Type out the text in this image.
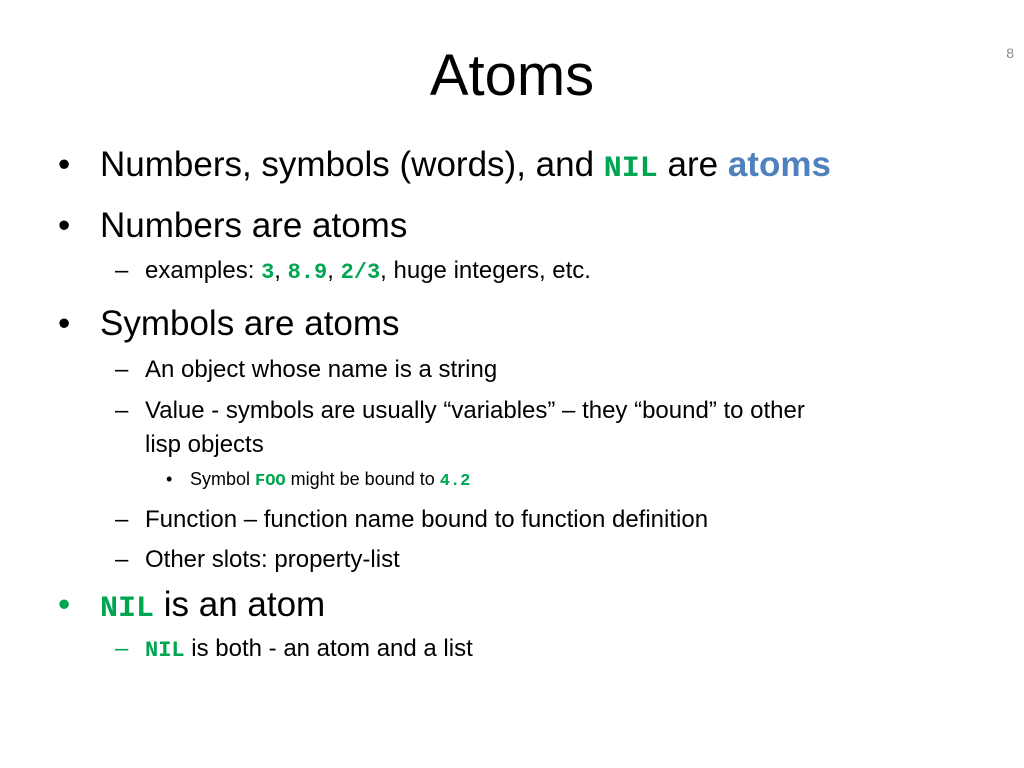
8
Atoms
• Numbers, symbols (words), and NIL are atoms
• Numbers are atoms
– examples: 3, 8.9, 2/3, huge integers, etc.
• Symbols are atoms
– An object whose name is a string
– Value - symbols are usually “variables” – they “bound” to other
lisp objects
• Symbol FOO might be bound to 4.2
– Function – function name bound to function definition
– Other slots: property-list
• NIL is an atom
– NIL is both - an atom and a list
